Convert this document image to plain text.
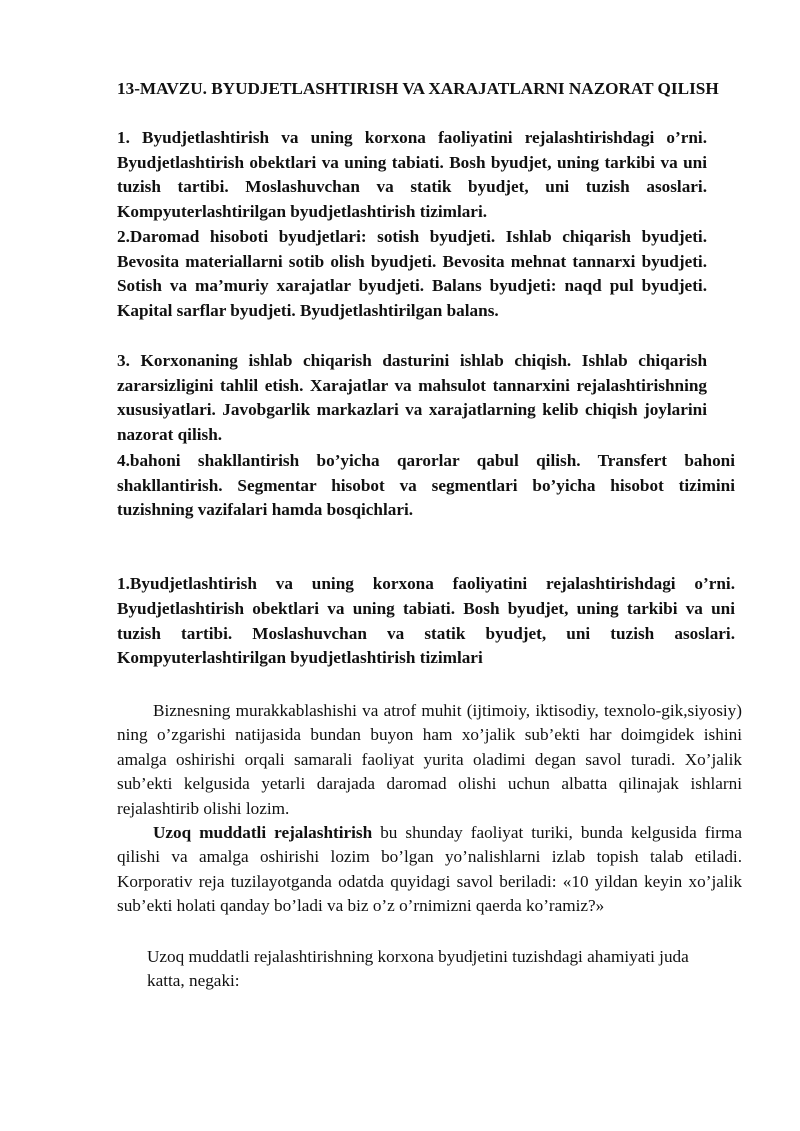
13-MAVZU. BYUDJETLASHTIRISH VA XARAJATLARNI NAZORAT QILISH

1. Byudjetlashtirish va uning korxona faoliyatini rejalashtirishdagi o’rni. Byudjetlashtirish obektlari va uning tabiati. Bosh byudjet, uning tarkibi va uni tuzish tartibi. Moslashuvchan va statik byudjet, uni tuzish asoslari. Kompyuterlashtirilgan byudjetlashtirish tizimlari.

2.Daromad hisoboti byudjetlari: sotish byudjeti. Ishlab chiqarish byudjeti. Bevosita materiallarni sotib olish byudjeti. Bevosita mehnat tannarxi byudjeti. Sotish va ma’muriy xarajatlar byudjeti. Balans byudjeti: naqd pul byudjeti. Kapital sarflar byudjeti. Byudjetlashtirilgan balans.

3. Korxonaning ishlab chiqarish dasturini ishlab chiqish. Ishlab chiqarish zararsizligini tahlil etish. Xarajatlar va mahsulot tannarxini rejalashtirishning xususiyatlari. Javobgarlik markazlari va xarajatlarning kelib chiqish joylarini nazorat qilish.

4.bahoni shakllantirish bo’yicha qarorlar qabul qilish. Transfert bahoni shakllantirish. Segmentar hisobot va segmentlari bo’yicha hisobot tizimini tuzishning vazifalari hamda bosqichlari.

1.Byudjetlashtirish va uning korxona faoliyatini rejalashtirishdagi o’rni. Byudjetlashtirish obektlari va uning tabiati. Bosh byudjet, uning tarkibi va uni tuzish tartibi. Moslashuvchan va statik byudjet, uni tuzish asoslari. Kompyuterlashtirilgan byudjetlashtirish tizimlari

Biznesning murakkablashishi va atrof muhit (ijtimoiy, iktisodiy, texnolo-gik,siyosiy) ning o’zgarishi natijasida bundan buyon ham xo’jalik sub’ekti har doimgidek ishini amalga oshirishi orqali samarali faoliyat yurita oladimi degan savol turadi. Xo’jalik sub’ekti kelgusida yetarli darajada daromad olishi uchun albatta qilinajak ishlarni rejalashtirib olishi lozim.

Uzoq muddatli rejalashtirish bu shunday faoliyat turiki, bunda kelgusida firma qilishi va amalga oshirishi lozim bo’lgan yo’nalishlarni izlab topish talab etiladi. Korporativ reja tuzilayotganda odatda quyidagi savol beriladi: «10 yildan keyin xo’jalik sub’ekti holati qanday bo’ladi va biz o’z o’rnimizni qaerda ko’ramiz?»

Uzoq muddatli rejalashtirishning korxona byudjetini tuzishdagi ahamiyati juda
katta, negaki:
